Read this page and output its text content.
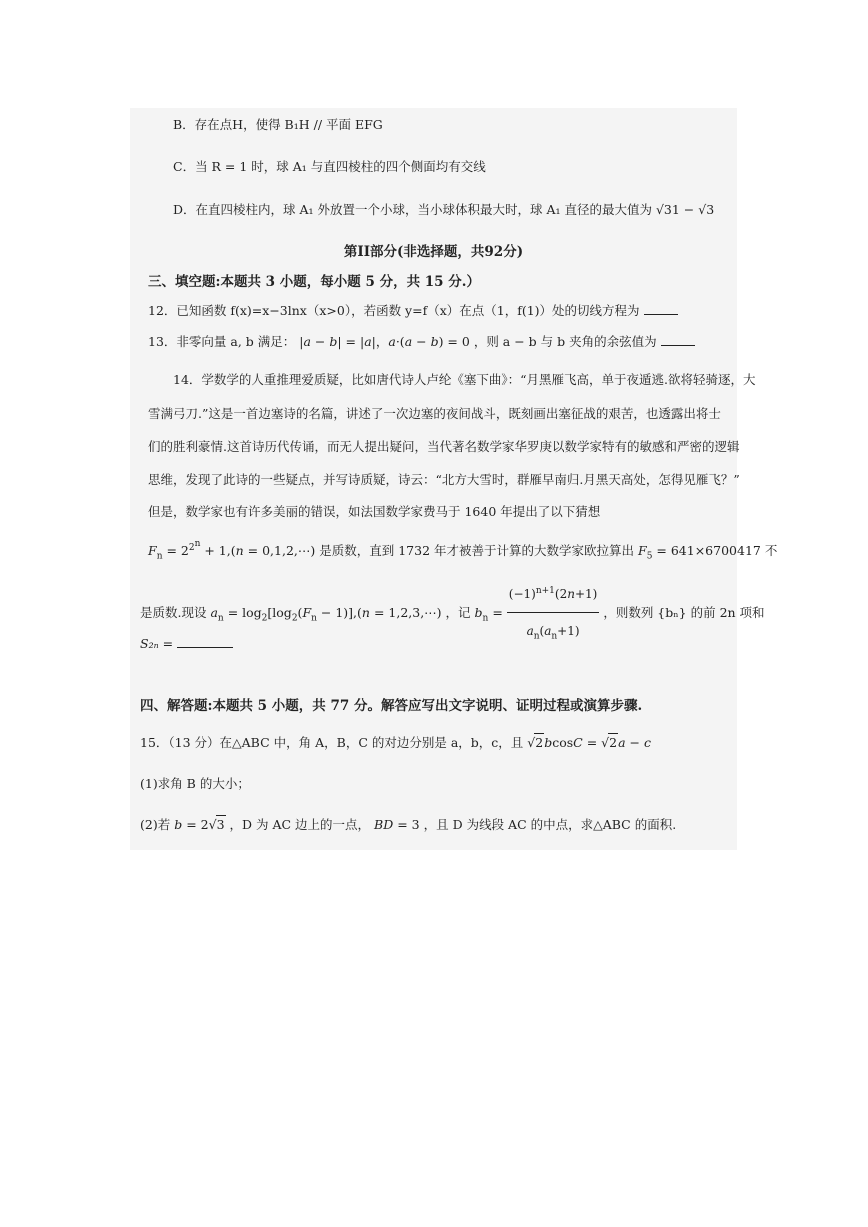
B．存在点H，使得 B₁H // 平面 EFG
C．当 R = 1 时，球 A₁ 与直四棱柱的四个侧面均有交线
D．在直四棱柱内，球 A₁ 外放置一个小球，当小球体积最大时，球 A₁ 直径的最大值为 √31 − √3
第II部分(非选择题，共92分)
三、填空题:本题共 3 小题，每小题 5 分，共 15 分.）
12．已知函数 f(x)=x−3lnx（x>0），若函数 y=f（x）在点（1，f(1)）处的切线方程为
13．非零向量 a, b 满足： |a − b| = |a|，a·(a − b) = 0 ，则 a − b 与 b 夹角的余弦值为
14．学数学的人重推理爱质疑，比如唐代诗人卢纶《塞下曲》：“月黑雁飞高，单于夜遁逃.欲将轻骑逐，大
雪满弓刀.”这是一首边塞诗的名篇，讲述了一次边塞的夜间战斗，既刻画出塞征战的艰苦，也透露出将士
们的胜利豪情.这首诗历代传诵，而无人提出疑问，当代著名数学家华罗庚以数学家特有的敏感和严密的逻辑
思维，发现了此诗的一些疑点，并写诗质疑，诗云：“北方大雪时，群雁早南归.月黑天高处，怎得见雁飞？”
但是，数学家也有许多美丽的错误，如法国数学家费马于 1640 年提出了以下猜想
$F_n = 2^{2^n} + 1,(n$ = 0,1,2,⋯) 是质数，直到 1732 年才被善于计算的大数学家欧拉算出 $F_5 = 641\times 6700417$ 不
是质数.现设 $a_n = \log_2[\log_2(F_n - 1)],(n$ = 1,2,3,⋯) ，记 $b_n = \frac{(-1)^{n+1}(2n+1)}{a_n(a_n+1)}$ ，则数列 {bₙ} 的前 2n 项和
S₂ₙ =
四、解答题:本题共 5 小题，共 77 分。解答应写出文字说明、证明过程或演算步骤.
15．（13 分）在△ABC 中，角 A，B，C 的对边分别是 a，b，c，且 √2bcosC = √2a − c
(1)求角 B 的大小；
(2)若 b = 2√3 ，D 为 AC 边上的一点， BD = 3 ，且 D 为线段 AC 的中点，求△ABC 的面积.
